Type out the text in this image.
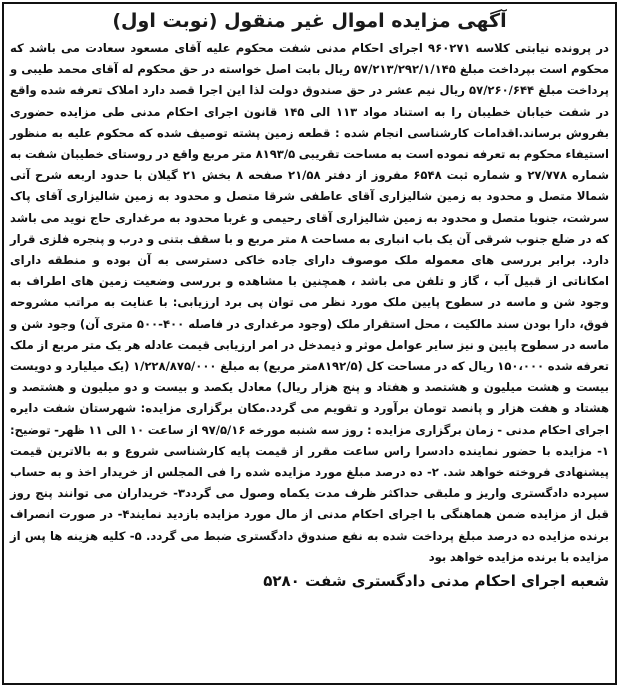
آگهی مزایده اموال غیر منقول (نوبت اول)

در پرونده نیابتی کلاسه ۹۶۰۲۷۱ اجرای احکام مدنی شفت محکوم علیه آقای مسعود سعادت می باشد که محکوم است بپرداخت مبلغ ۵۷/۲۱۳/۲۹۲/۱/۱۴۵ ریال بابت اصل خواسته در حق محکوم له آقای محمد طیبی و پرداخت مبلغ ۵۷/۲۶۰/۶۴۴ ریال نیم عشر در حق صندوق دولت لذا این اجرا قصد دارد املاک تعرفه شده واقع در شفت خیابان خطیبان را به استناد مواد ۱۱۳ الی ۱۴۵ قانون اجرای احکام مدنی طی مزایده حضوری بفروش برساند.اقدامات کارشناسی انجام شده : قطعه زمین پشته توصیف شده که محکوم علیه به منظور استیفاء محکوم به تعرفه نموده است به مساحت تقریبی ۸۱۹۳/۵ متر مربع واقع در روستای خطیبان شفت به شماره ۲۷/۷۷۸ و شماره ثبت ۶۵۴۸ مفروز از دفتر ۲۱/۵۸ صفحه ۸ بخش ۲۱ گیلان با حدود اربعه شرح آتی شمالا متصل و محدود به زمین شالیزاری آقای عاطفی شرقا متصل و محدود به زمین شالیزاری آقای پاک سرشت، جنوبا متصل و محدود به زمین شالیزاری آقای رحیمی و غربا محدود به مرغداری حاج نوید می باشد که در ضلع جنوب شرقی آن یک باب انباری به مساحت ۸ متر مربع و با سقف بتنی و درب و پنجره فلزی قرار دارد. برابر بررسی های معموله ملک موصوف دارای جاده خاکی دسترسی به آن بوده و منطقه دارای امکاناتی از قبیل آب ، گاز و تلفن می باشد ، همچنین با مشاهده و بررسی وضعیت زمین های اطراف به وجود شن و ماسه در سطوح پایین ملک مورد نظر می توان پی برد ارزیابی: با عنایت به مراتب مشروحه فوق، دارا بودن سند مالکیت ، محل استقرار ملک (وجود مرغداری در فاصله ۴۰۰-۵۰۰ متری آن) وجود شن و ماسه در سطوح پایین و نیز سایر عوامل موثر و ذیمدخل در امر ارزیابی قیمت عادله هر یک متر مربع از ملک تعرفه شده ۱۵۰،۰۰۰ ریال که در مساحت کل (۸۱۹۲/۵متر مربع) به مبلغ ۱/۲۲۸/۸۷۵/۰۰۰ (یک میلیارد و دویست بیست و هشت میلیون و هشتصد و هفتاد و پنج هزار ریال) معادل یکصد و بیست و دو میلیون و هشتصد و هشتاد و هفت هزار و پانصد تومان برآورد و تقویم می گردد.مکان برگزاری مزایده: شهرستان شفت دایره اجرای احکام مدنی - زمان برگزاری مزایده : روز سه شنبه مورخه ۹۷/۵/۱۶ از ساعت ۱۰ الی ۱۱ ظهر- توضیح: ۱- مزایده با حضور نماینده دادسرا راس ساعت مقرر از قیمت پایه کارشناسی شروع و به بالاترین قیمت پیشنهادی فروخته خواهد شد. ۲- ده درصد مبلغ مورد مزایده شده را فی المجلس از خریدار اخذ و به حساب سپرده دادگستری واریز و ملبقی حداکثر ظرف مدت یکماه وصول می گردد۳- خریداران می توانند پنج روز قبل از مزایده ضمن هماهنگی با اجرای احکام مدنی از مال مورد مزایده بازدید نمایند۴- در صورت انصراف برنده مزایده ده درصد مبلغ پرداخت شده به نفع صندوق دادگستری ضبط می گردد. ۵- کلیه هزینه ها پس از مزایده با برنده مزایده خواهد بود

شعبه اجرای احکام مدنی دادگستری شفت ۵۲۸۰
